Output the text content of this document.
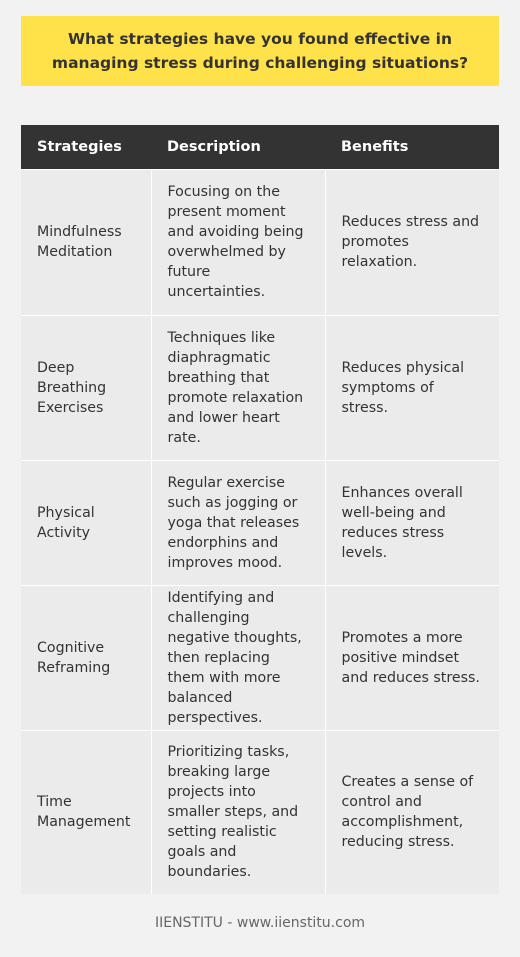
What strategies have you found effective in managing stress during challenging situations?
Strategies	Description	Benefits
Mindfulness Meditation	Focusing on the present moment and avoiding being overwhelmed by future uncertainties.	Reduces stress and promotes relaxation.
Deep Breathing Exercises	Techniques like diaphragmatic breathing that promote relaxation and lower heart rate.	Reduces physical symptoms of stress.
Physical Activity	Regular exercise such as jogging or yoga that releases endorphins and improves mood.	Enhances overall well-being and reduces stress levels.
Cognitive Reframing	Identifying and challenging negative thoughts, then replacing them with more balanced perspectives.	Promotes a more positive mindset and reduces stress.
Time Management	Prioritizing tasks, breaking large projects into smaller steps, and setting realistic goals and boundaries.	Creates a sense of control and accomplishment, reducing stress.
IIENSTITU - www.iienstitu.com
